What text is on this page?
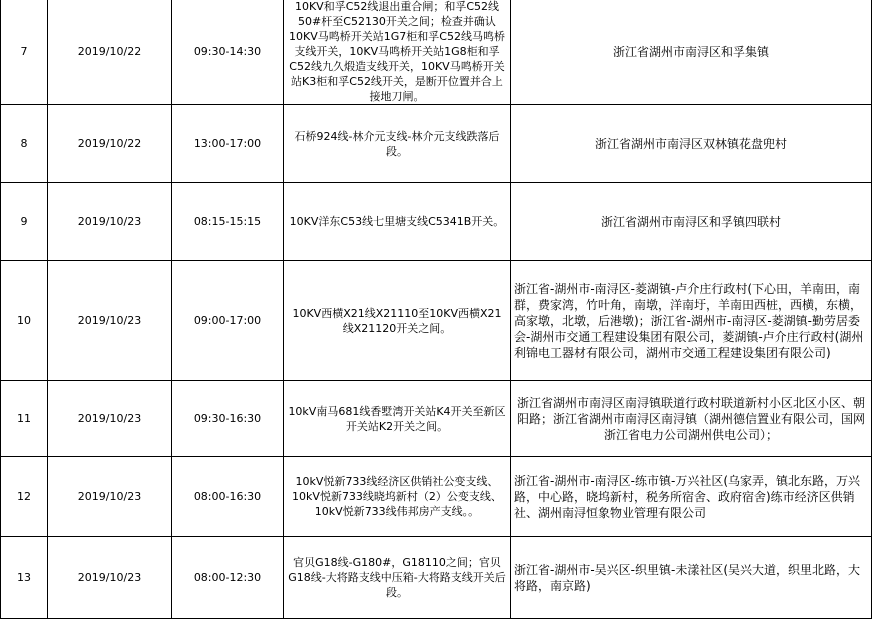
7	2019/10/22	09:30-14:30	10KV和孚C52线退出重合闸；和孚C52线50#杆至C52130开关之间；检查并确认10KV马鸣桥开关站1G7柜和孚C52线马鸣桥支线开关，10KV马鸣桥开关站1G8柜和孚C52线九久煅造支线开关，10KV马鸣桥开关站K3柜和孚C52线开关，是断开位置并合上接地刀闸。	浙江省湖州市南浔区和孚集镇
8	2019/10/22	13:00-17:00	石桥924线-林介元支线-林介元支线跌落后段。	浙江省湖州市南浔区双林镇花盘兜村
9	2019/10/23	08:15-15:15	10KV洋东C53线七里塘支线C5341B开关。	浙江省湖州市南浔区和孚镇四联村
10	2019/10/23	09:00-17:00	10KV西横X21线X21110至10KV西横X21线X21120开关之间。	浙江省-湖州市-南浔区-菱湖镇-卢介庄行政村(下心田，羊南田，南群，费家湾，竹叶角，南墩，洋南圩，羊南田西桩，西横，东横，高家墩，北墩，后港墩)；浙江省-湖州市-南浔区-菱湖镇-勤劳居委会-湖州市交通工程建设集团有限公司，菱湖镇-卢介庄行政村(湖州利锦电工器材有限公司，湖州市交通工程建设集团有限公司)
11	2019/10/23	09:30-16:30	10kV南马681线香墅湾开关站K4开关至新区开关站K2开关之间。	浙江省湖州市南浔区南浔镇联道行政村联道新村小区北区小区、朝阳路；浙江省湖州市南浔区南浔镇（湖州德信置业有限公司，国网浙江省电力公司湖州供电公司）；
12	2019/10/23	08:00-16:30	10kV悦新733线经济区供销社公变支线、10kV悦新733线晓坞新村（2）公变支线、10kV悦新733线伟邦房产支线。。	浙江省-湖州市-南浔区-练市镇-万兴社区(乌家弄，镇北东路，万兴路，中心路，晓坞新村，税务所宿舍、政府宿舍)练市经济区供销社、湖州南浔恒象物业管理有限公司
13	2019/10/23	08:00-12:30	官贝G18线-G180#，G18110之间；官贝G18线-大将路支线中压箱-大将路支线开关后段。	浙江省-湖州市-吴兴区-织里镇-未漾社区(吴兴大道，织里北路，大将路，南京路)
